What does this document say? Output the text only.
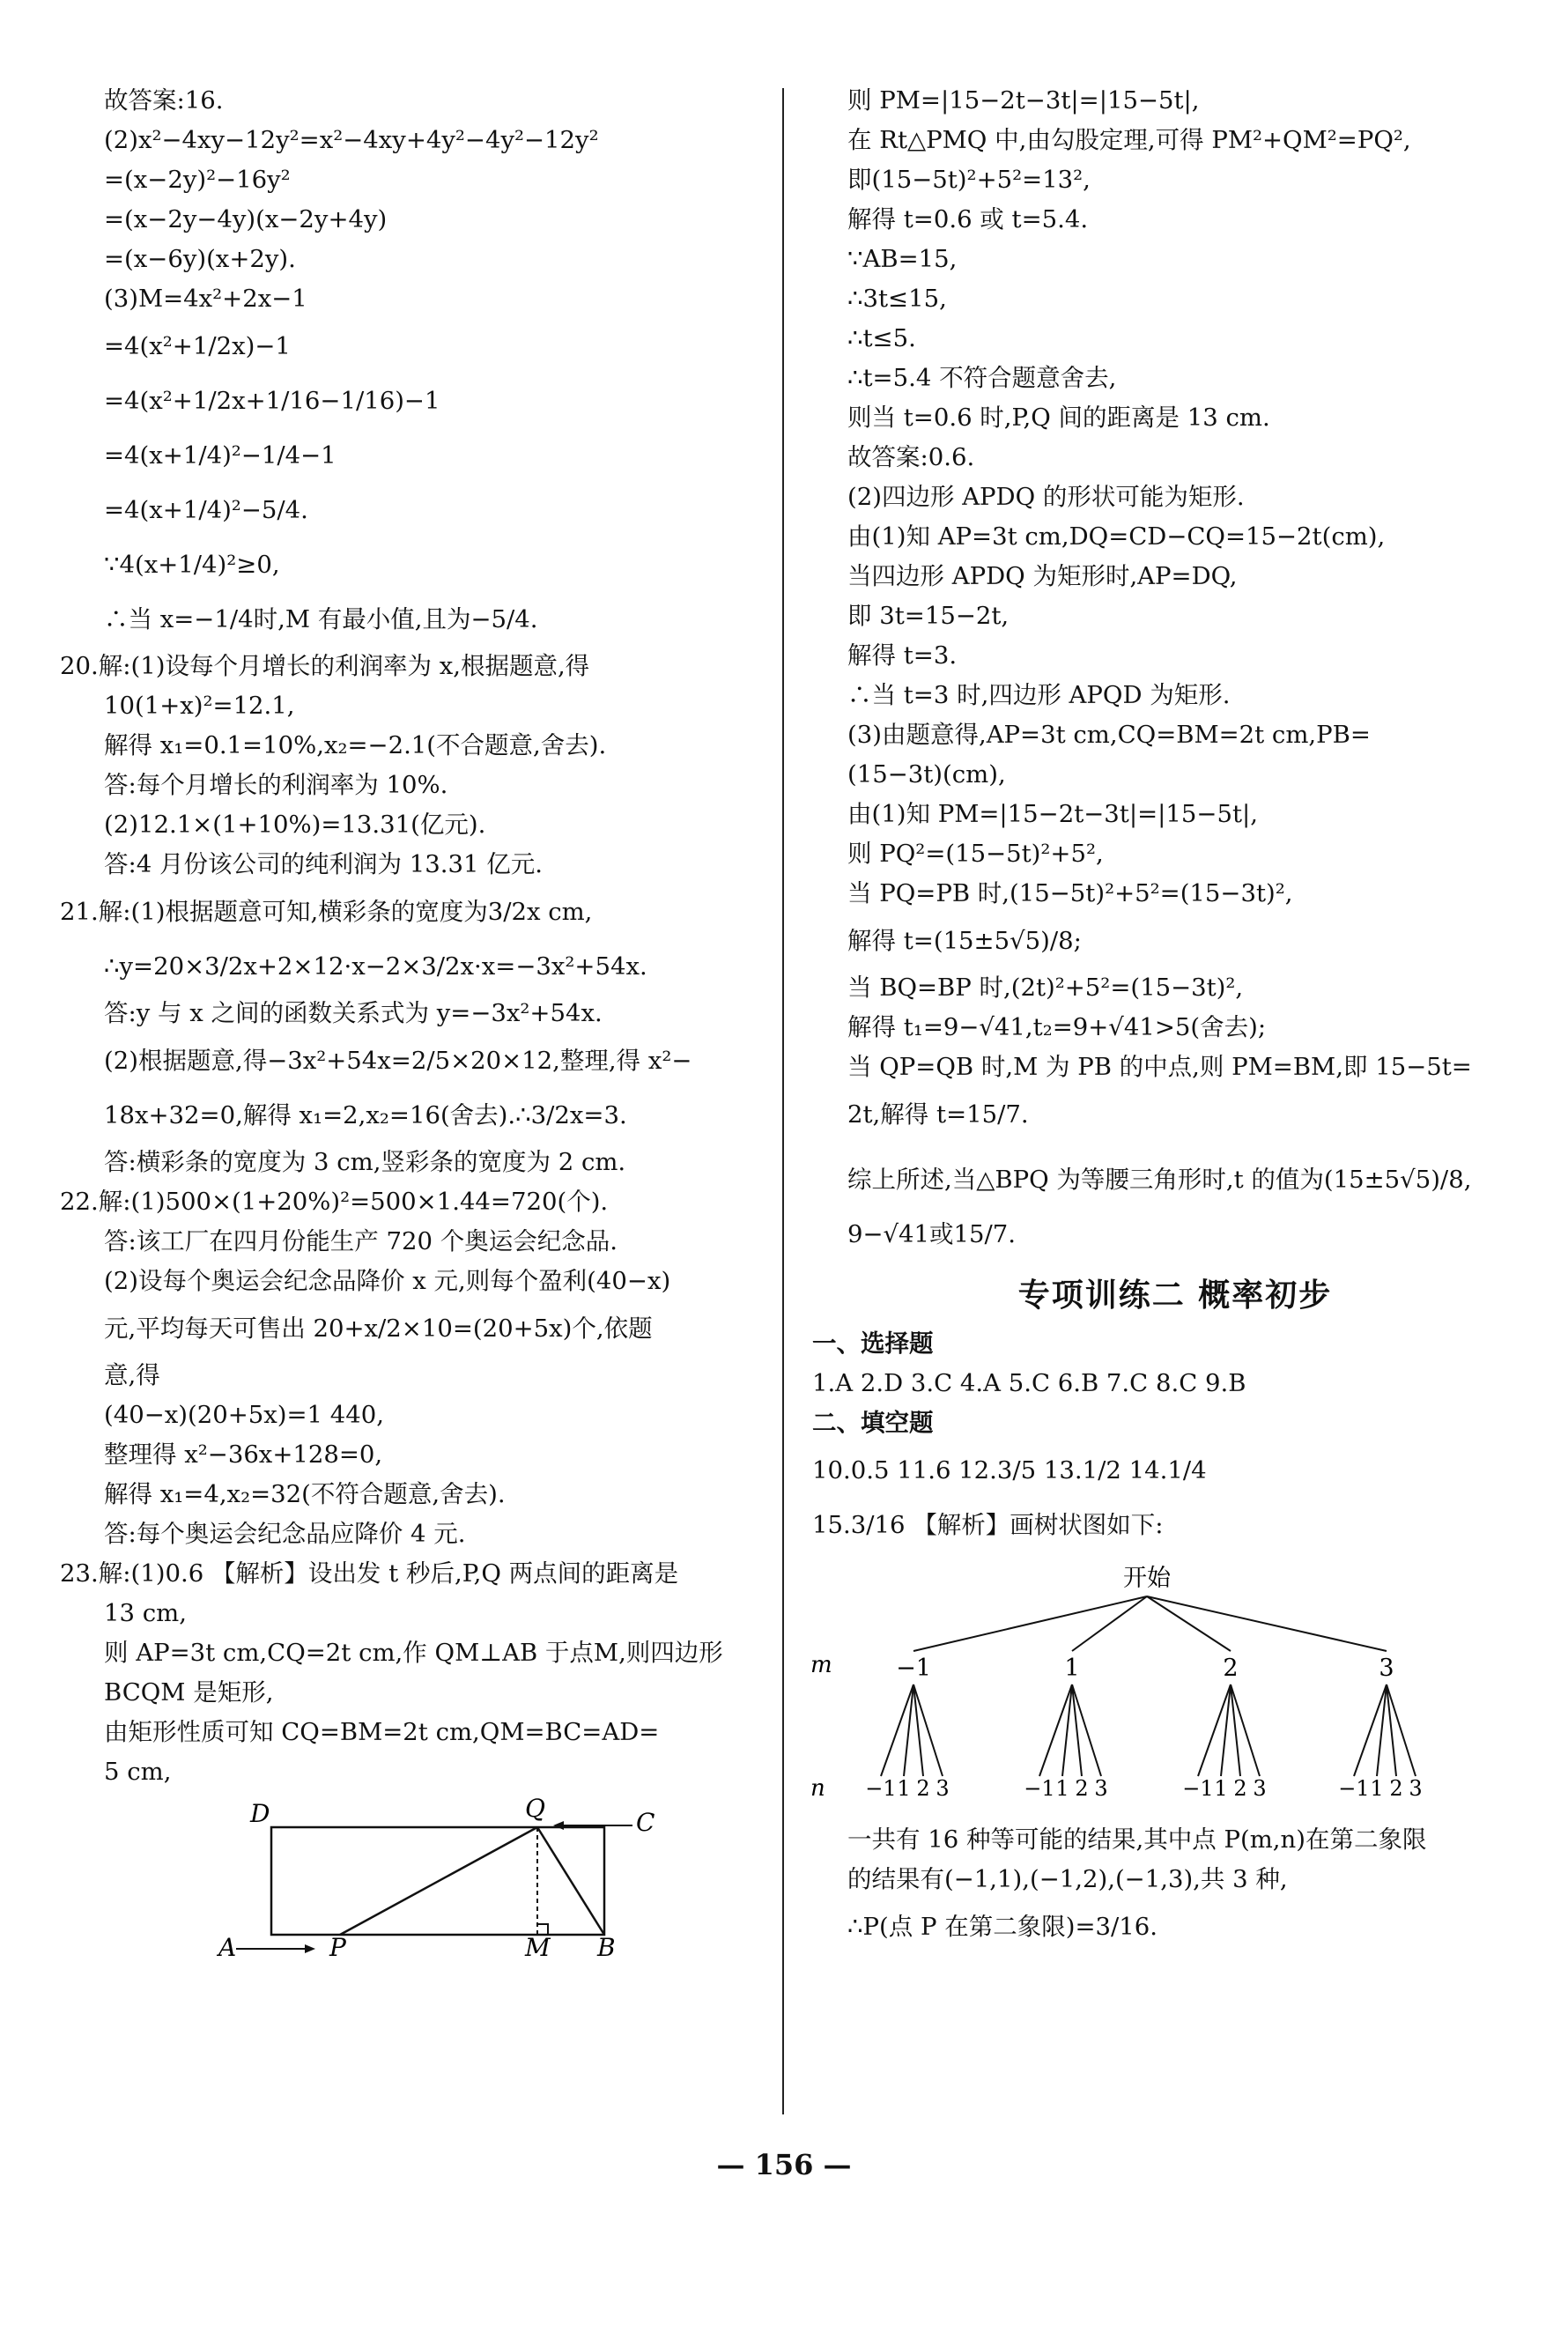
故答案:16.
(2)x²−4xy−12y²=x²−4xy+4y²−4y²−12y²
=(x−2y)²−16y²
=(x−2y−4y)(x−2y+4y)
=(x−6y)(x+2y).
(3)M=4x²+2x−1
=4(x²+1/2x)−1
=4(x²+1/2x+1/16−1/16)−1
=4(x+1/4)²−1/4−1
=4(x+1/4)²−5/4.
∵4(x+1/4)²≥0,
∴当 x=−1/4时,M 有最小值,且为−5/4.
20.解:(1)设每个月增长的利润率为 x,根据题意,得
10(1+x)²=12.1,
解得 x₁=0.1=10%,x₂=−2.1(不合题意,舍去).
答:每个月增长的利润率为 10%.
(2)12.1×(1+10%)=13.31(亿元).
答:4 月份该公司的纯利润为 13.31 亿元.
21.解:(1)根据题意可知,横彩条的宽度为3/2x cm,
∴y=20×3/2x+2×12·x−2×3/2x·x=−3x²+54x.
答:y 与 x 之间的函数关系式为 y=−3x²+54x.
(2)根据题意,得−3x²+54x=2/5×20×12,整理,得 x²−
18x+32=0,解得 x₁=2,x₂=16(舍去).∴3/2x=3.
答:横彩条的宽度为 3 cm,竖彩条的宽度为 2 cm.
22.解:(1)500×(1+20%)²=500×1.44=720(个).
答:该工厂在四月份能生产 720 个奥运会纪念品.
(2)设每个奥运会纪念品降价 x 元,则每个盈利(40−x)
元,平均每天可售出 20+x/2×10=(20+5x)个,依题
意,得
(40−x)(20+5x)=1 440,
整理得 x²−36x+128=0,
解得 x₁=4,x₂=32(不符合题意,舍去).
答:每个奥运会纪念品应降价 4 元.
23.解:(1)0.6 【解析】设出发 t 秒后,P,Q 两点间的距离是
13 cm,
则 AP=3t cm,CQ=2t cm,作 QM⊥AB 于点M,则四边形
BCQM 是矩形,
由矩形性质可知 CQ=BM=2t cm,QM=BC=AD=
5 cm,
D	Q	C
A	P	M B
则 PM=|15−2t−3t|=|15−5t|,
在 Rt△PMQ 中,由勾股定理,可得 PM²+QM²=PQ²,
即(15−5t)²+5²=13²,
解得 t=0.6 或 t=5.4.
∵AB=15,
∴3t≤15,
∴t≤5.
∴t=5.4 不符合题意舍去,
则当 t=0.6 时,P,Q 间的距离是 13 cm.
故答案:0.6.
(2)四边形 APDQ 的形状可能为矩形.
由(1)知 AP=3t cm,DQ=CD−CQ=15−2t(cm),
当四边形 APDQ 为矩形时,AP=DQ,
即 3t=15−2t,
解得 t=3.
∴当 t=3 时,四边形 APQD 为矩形.
(3)由题意得,AP=3t cm,CQ=BM=2t cm,PB=
(15−3t)(cm),
由(1)知 PM=|15−2t−3t|=|15−5t|,
则 PQ²=(15−5t)²+5²,
当 PQ=PB 时,(15−5t)²+5²=(15−3t)²,
解得 t=(15±5√5)/8;
当 BQ=BP 时,(2t)²+5²=(15−3t)²,
解得 t₁=9−√41,t₂=9+√41>5(舍去);
当 QP=QB 时,M 为 PB 的中点,则 PM=BM,即 15−5t=
2t,解得 t=15/7.
综上所述,当△BPQ 为等腰三角形时,t 的值为(15±5√5)/8,
9−√41或15/7.
专项训练二 概率初步
一、选择题
1.A 2.D 3.C 4.A 5.C 6.B 7.C 8.C 9.B
二、填空题
10.0.5 11.6 12.3/5 13.1/2 14.1/4
15.3/16 【解析】画树状图如下:
开始
m	−1	1	2	3
n −1 1 2 3	−1 1 2 3	−1 1 2 3	−1 1 2 3
一共有 16 种等可能的结果,其中点 P(m,n)在第二象限
的结果有(−1,1),(−1,2),(−1,3),共 3 种,
∴P(点 P 在第二象限)=3/16.
— 156 —
